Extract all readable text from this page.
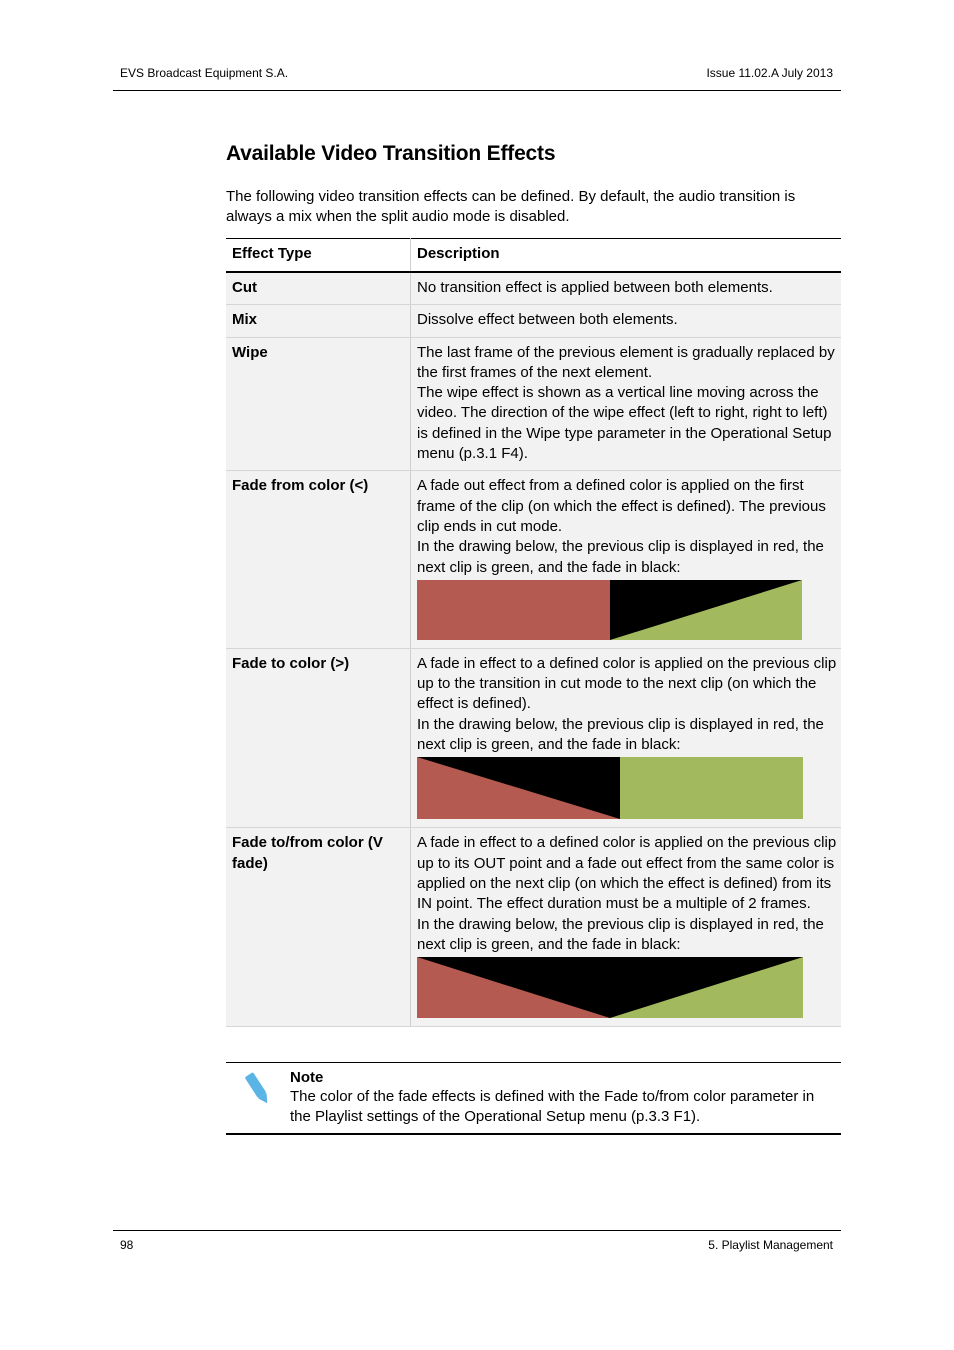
EVS Broadcast Equipment S.A.	Issue 11.02.A July 2013
Available Video Transition Effects

The following video transition effects can be defined. By default, the audio transition is always a mix when the split audio mode is disabled.

Effect Type	Description
Cut	No transition effect is applied between both elements.

Mix	Dissolve effect between both elements.

Wipe	The last frame of the previous element is gradually replaced by the first frames of the next element.
The wipe effect is shown as a vertical line moving across the video. The direction of the wipe effect (left to right, right to left) is defined in the Wipe type parameter in the Operational Setup menu (p.3.1 F4).

Fade from color (<)	A fade out effect from a defined color is applied on the first frame of the clip (on which the effect is defined). The previous clip ends in cut mode.
In the drawing below, the previous clip is displayed in red, the next clip is green, and the fade in black:

Fade to color (>)	A fade in effect to a defined color is applied on the previous clip up to the transition in cut mode to the next clip (on which the effect is defined).
In the drawing below, the previous clip is displayed in red, the next clip is green, and the fade in black:

Fade to/from color (V fade)	A fade in effect to a defined color is applied on the previous clip up to its OUT point and a fade out effect from the same color is applied on the next clip (on which the effect is defined) from its IN point. The effect duration must be a multiple of 2 frames.
In the drawing below, the previous clip is displayed in red, the next clip is green, and the fade in black:
Note

The color of the fade effects is defined with the Fade to/from color parameter in the Playlist settings of the Operational Setup menu (p.3.3 F1).

98	5. Playlist Management
